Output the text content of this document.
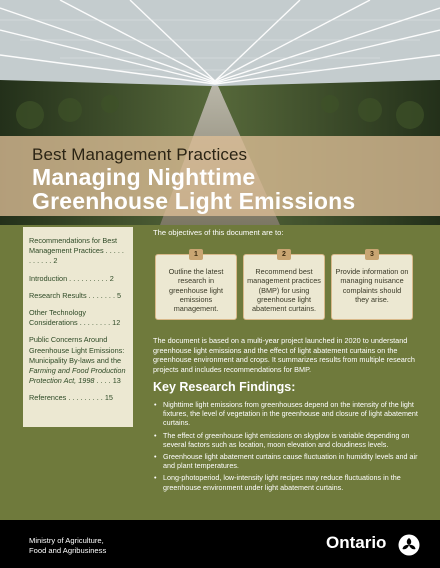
Best Management Practices
Managing Nighttime
Greenhouse Light Emissions
Recommendations for Best Management Practices . . . . . . . . . . . 2
Introduction . . . . . . . . . . 2
Research Results . . . . . . . 5
Other Technology Considerations . . . . . . . . 12
Public Concerns Around Greenhouse Light Emissions: Municipality By-laws and the Farming and Food Production Protection Act, 1998 . . . . 13
References . . . . . . . . . 15
The objectives of this document are to:
Outline the latest research in greenhouse light emissions management.
Recommend best management practices (BMP) for using greenhouse light abatement curtains.
Provide information on managing nuisance complaints should they arise.
1	2	3
The document is based on a multi-year project launched in 2020 to understand greenhouse light emissions and the effect of light abatement curtains on the greenhouse environment and crops. It summarizes results from multiple research projects and includes recommendations for BMP.
Key Research Findings:
• Nighttime light emissions from greenhouses depend on the intensity of the light fixtures, the level of vegetation in the greenhouse and closure of light abatement curtains.
• The effect of greenhouse light emissions on skyglow is variable depending on several factors such as location, moon elevation and cloudiness levels.
• Greenhouse light abatement curtains cause fluctuation in humidity levels and air and plant temperatures.
• Long-photoperiod, low-intensity light recipes may reduce fluctuations in the greenhouse environment under light abatement curtains.
Ministry of Agriculture,
Food and Agribusiness	Ontario
